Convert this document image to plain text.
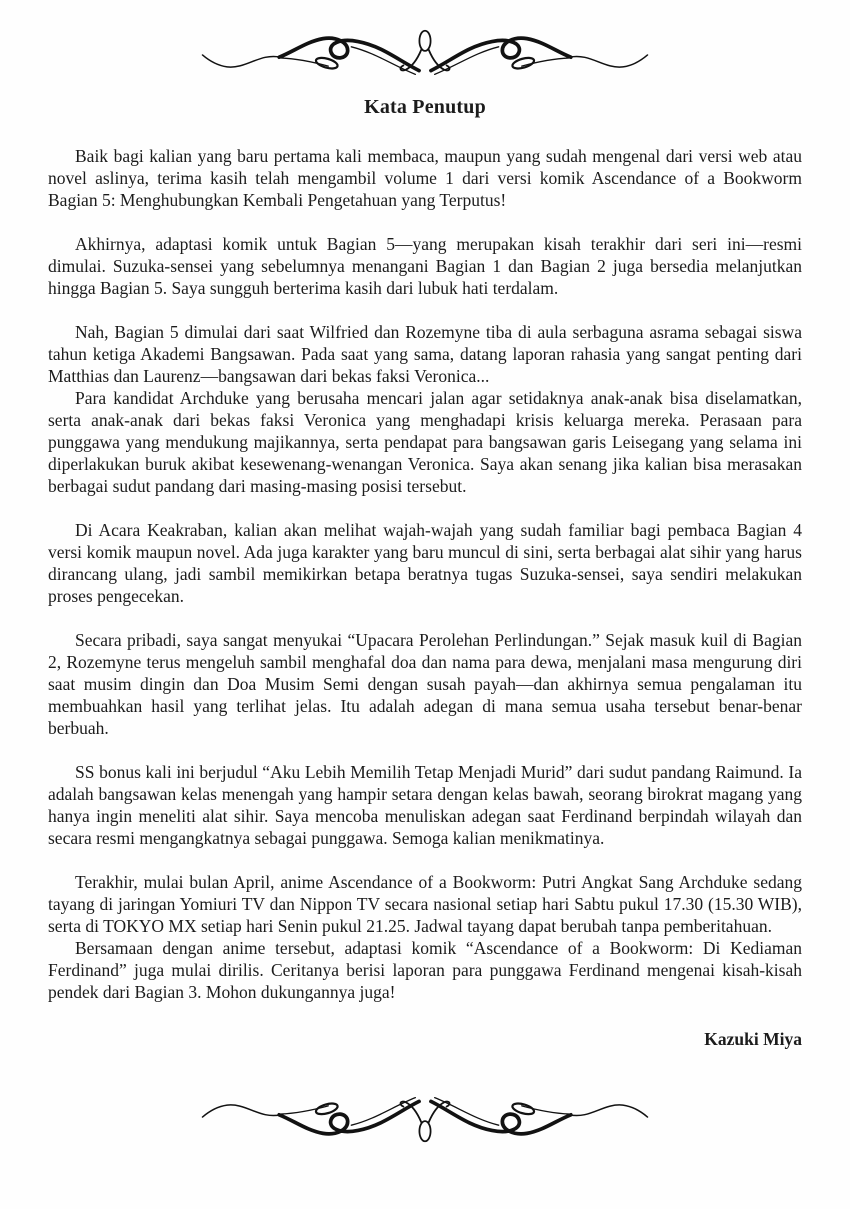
Kata Penutup

Baik bagi kalian yang baru pertama kali membaca, maupun yang sudah mengenal dari versi web atau novel aslinya, terima kasih telah mengambil volume 1 dari versi komik Ascendance of a Bookworm Bagian 5: Menghubungkan Kembali Pengetahuan yang Terputus!

Akhirnya, adaptasi komik untuk Bagian 5—yang merupakan kisah terakhir dari seri ini—resmi dimulai. Suzuka-sensei yang sebelumnya menangani Bagian 1 dan Bagian 2 juga bersedia melanjutkan hingga Bagian 5. Saya sungguh berterima kasih dari lubuk hati terdalam.

Nah, Bagian 5 dimulai dari saat Wilfried dan Rozemyne tiba di aula serbaguna asrama sebagai siswa tahun ketiga Akademi Bangsawan. Pada saat yang sama, datang laporan rahasia yang sangat penting dari Matthias dan Laurenz—bangsawan dari bekas faksi Veronica...

Para kandidat Archduke yang berusaha mencari jalan agar setidaknya anak-anak bisa diselamatkan, serta anak-anak dari bekas faksi Veronica yang menghadapi krisis keluarga mereka. Perasaan para punggawa yang mendukung majikannya, serta pendapat para bangsawan garis Leisegang yang selama ini diperlakukan buruk akibat kesewenang-wenangan Veronica. Saya akan senang jika kalian bisa merasakan berbagai sudut pandang dari masing-masing posisi tersebut.

Di Acara Keakraban, kalian akan melihat wajah-wajah yang sudah familiar bagi pembaca Bagian 4 versi komik maupun novel. Ada juga karakter yang baru muncul di sini, serta berbagai alat sihir yang harus dirancang ulang, jadi sambil memikirkan betapa beratnya tugas Suzuka-sensei, saya sendiri melakukan proses pengecekan.

Secara pribadi, saya sangat menyukai “Upacara Perolehan Perlindungan.” Sejak masuk kuil di Bagian 2, Rozemyne terus mengeluh sambil menghafal doa dan nama para dewa, menjalani masa mengurung diri saat musim dingin dan Doa Musim Semi dengan susah payah—dan akhirnya semua pengalaman itu membuahkan hasil yang terlihat jelas. Itu adalah adegan di mana semua usaha tersebut benar-benar berbuah.

SS bonus kali ini berjudul “Aku Lebih Memilih Tetap Menjadi Murid” dari sudut pandang Raimund. Ia adalah bangsawan kelas menengah yang hampir setara dengan kelas bawah, seorang birokrat magang yang hanya ingin meneliti alat sihir. Saya mencoba menuliskan adegan saat Ferdinand berpindah wilayah dan secara resmi mengangkatnya sebagai punggawa. Semoga kalian menikmatinya.

Terakhir, mulai bulan April, anime Ascendance of a Bookworm: Putri Angkat Sang Archduke sedang tayang di jaringan Yomiuri TV dan Nippon TV secara nasional setiap hari Sabtu pukul 17.30 (15.30 WIB), serta di TOKYO MX setiap hari Senin pukul 21.25. Jadwal tayang dapat berubah tanpa pemberitahuan.

Bersamaan dengan anime tersebut, adaptasi komik “Ascendance of a Bookworm: Di Kediaman Ferdinand” juga mulai dirilis. Ceritanya berisi laporan para punggawa Ferdinand mengenai kisah-kisah pendek dari Bagian 3. Mohon dukungannya juga!

Kazuki Miya
